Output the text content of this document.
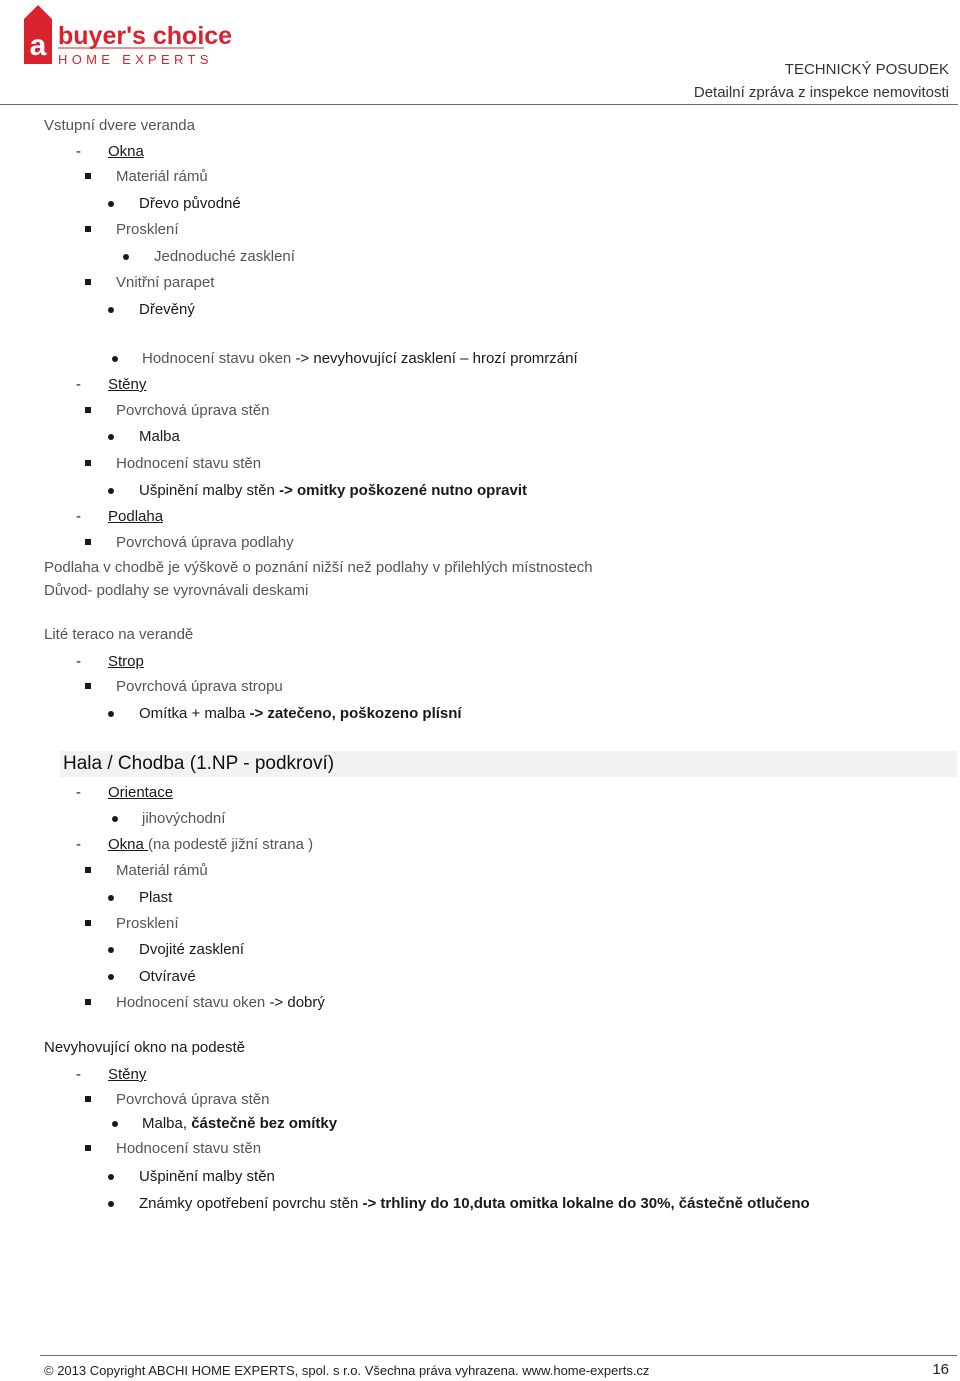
a buyer's choice
HOME EXPERTS
TECHNICKÝ POSUDEK
Detailní zpráva z inspekce nemovitosti
Vstupní dvere veranda
- Okna
Materiál rámů
Dřevo původné
Prosklení
Jednoduché zasklení
Vnitřní parapet
Dřevěný
Hodnocení stavu oken -> nevyhovující zasklení – hrozí promrzání
- Stěny
Povrchová úprava stěn
Malba
Hodnocení stavu stěn
Ušpinění malby stěn -> omitky poškozené nutno opravit
- Podlaha
Povrchová úprava podlahy
Podlaha v chodbě je výškově o poznání nižší než podlahy v přilehlých místnostech
Důvod- podlahy se vyrovnávali deskami
Lité teraco na verandě
- Strop
Povrchová úprava stropu
Omítka + malba -> zatečeno, poškozeno plísní
Hala / Chodba (1.NP - podkroví)
- Orientace
jihovýchodní
- Okna (na podestě jižní strana )
Materiál rámů
Plast
Prosklení
Dvojité zasklení
Otvíravé
Hodnocení stavu oken -> dobrý
Nevyhovující okno na podestě
- Stěny
Povrchová úprava stěn
Malba, částečně bez omítky
Hodnocení stavu stěn
Ušpinění malby stěn
Známky opotřebení povrchu stěn -> trhliny do 10,duta omitka lokalne do 30%, částečně otlučeno
© 2013 Copyright ABCHI HOME EXPERTS, spol. s r.o. Všechna práva vyhrazena. www.home-experts.cz	16
